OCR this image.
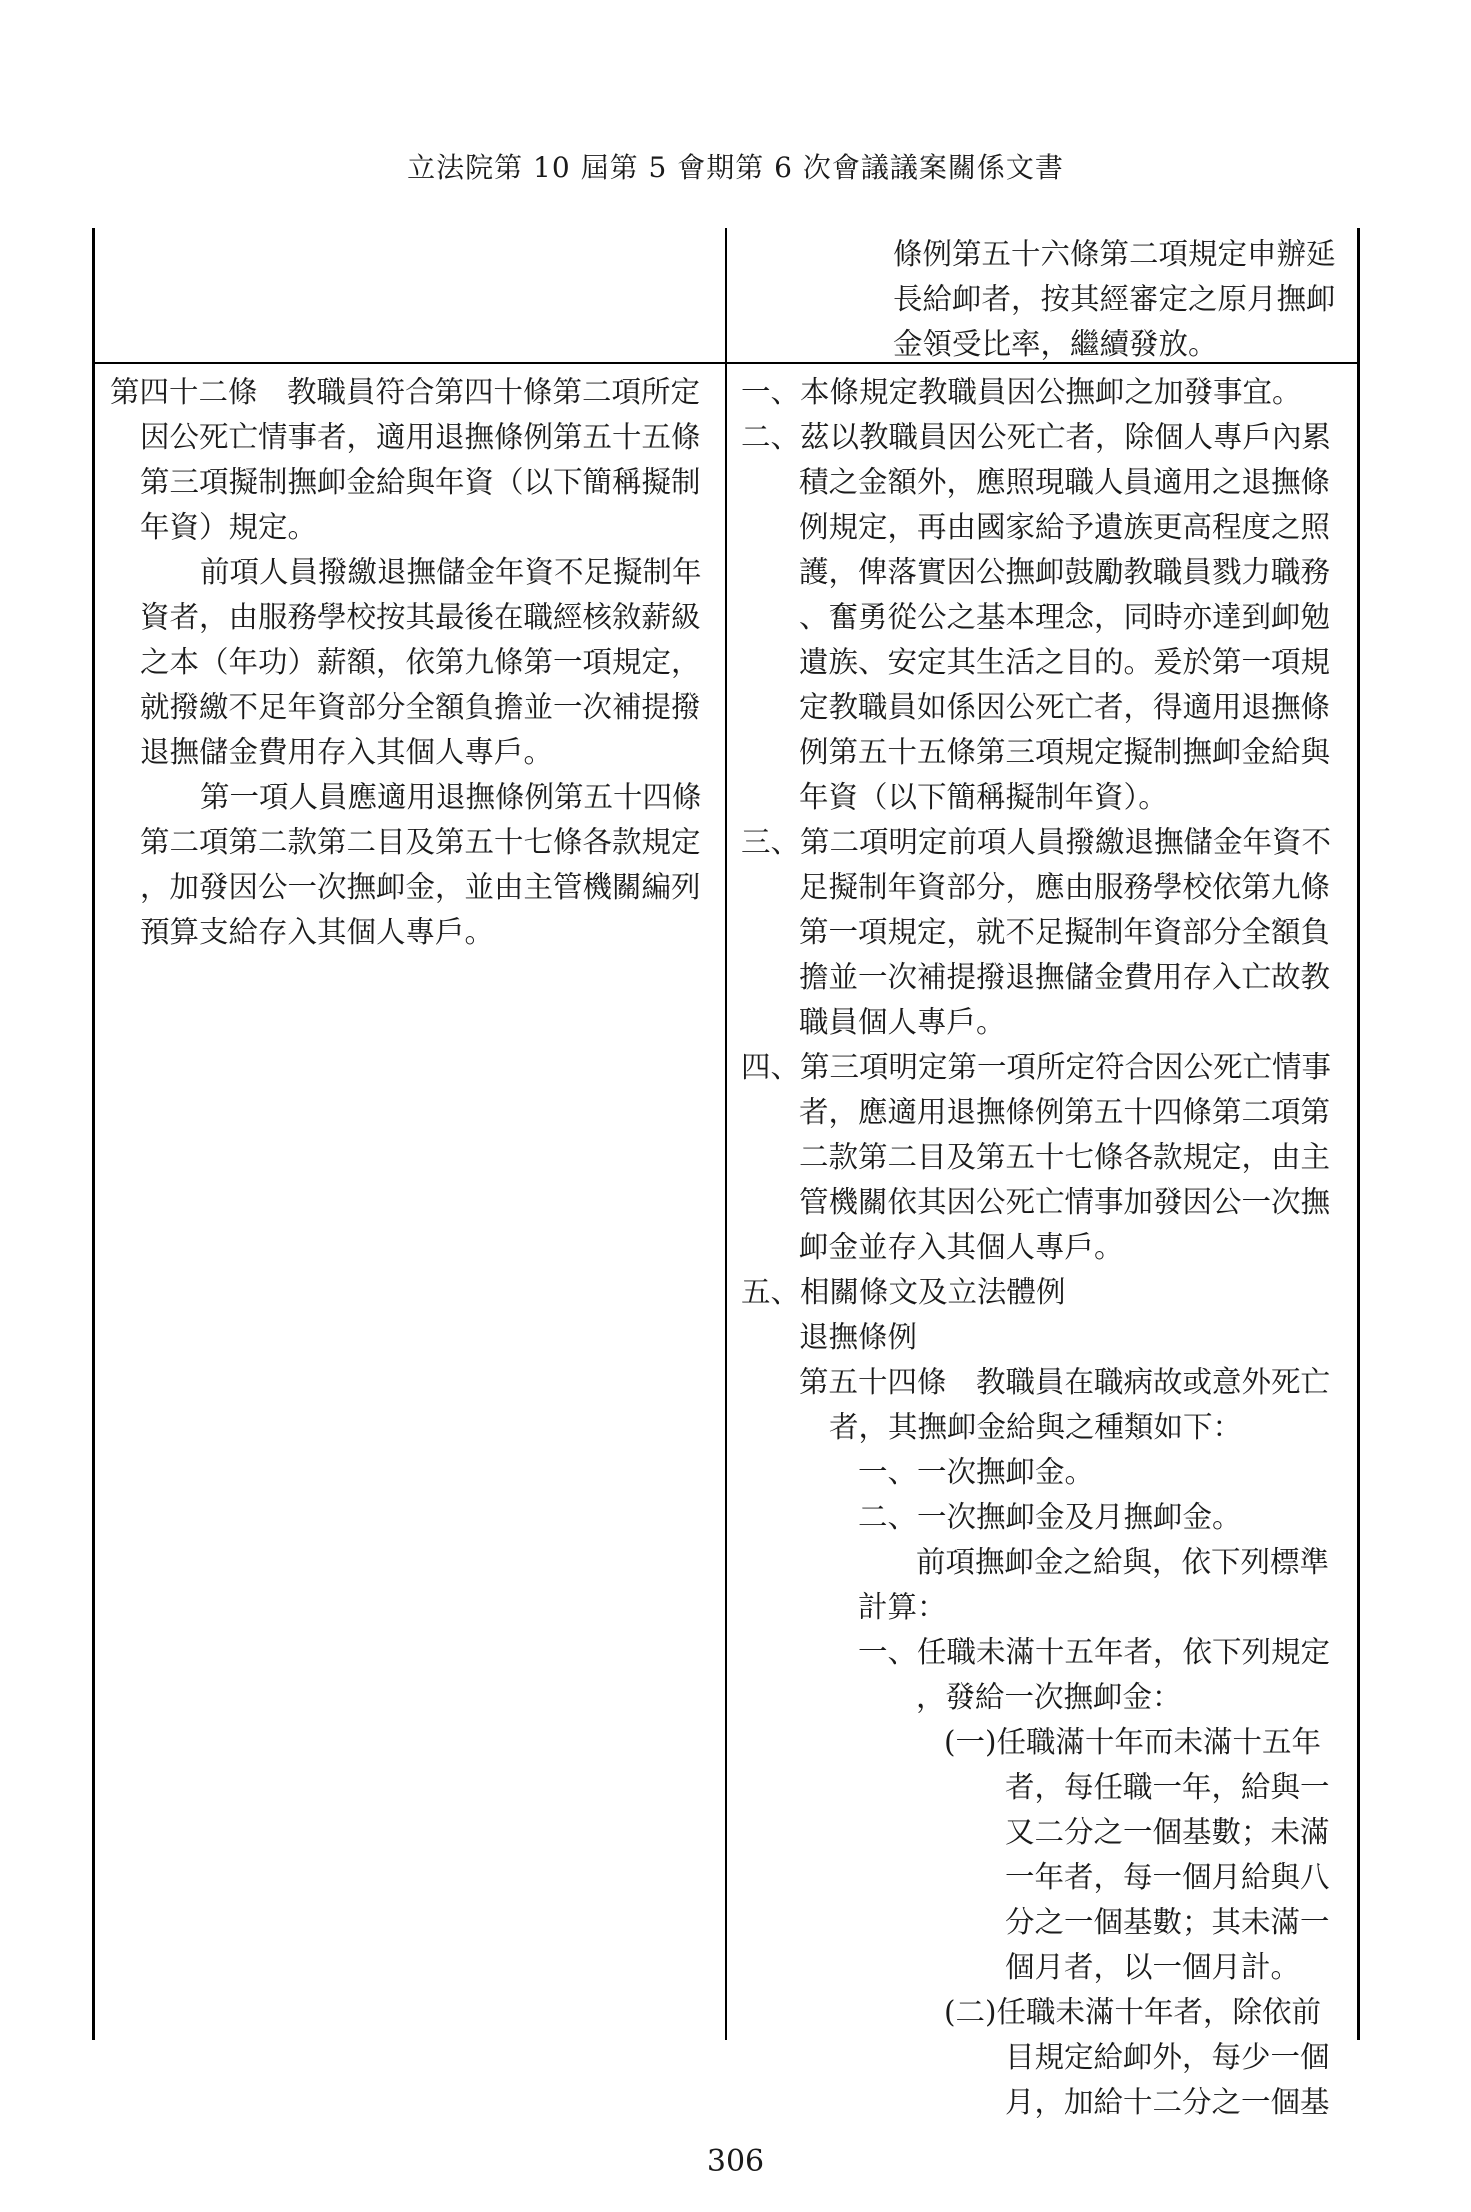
立法院第 10 屆第 5 會期第 6 次會議議案關係文書
條例第五十六條第二項規定申辦延
長給卹者，按其經審定之原月撫卹
金領受比率，繼續發放。
第四十二條　教職員符合第四十條第二項所定
因公死亡情事者，適用退撫條例第五十五條
第三項擬制撫卹金給與年資（以下簡稱擬制
年資）規定。
前項人員撥繳退撫儲金年資不足擬制年
資者，由服務學校按其最後在職經核敘薪級
之本（年功）薪額，依第九條第一項規定，
就撥繳不足年資部分全額負擔並一次補提撥
退撫儲金費用存入其個人專戶。
第一項人員應適用退撫條例第五十四條
第二項第二款第二目及第五十七條各款規定
，加發因公一次撫卹金，並由主管機關編列
預算支給存入其個人專戶。
一、本條規定教職員因公撫卹之加發事宜。
二、茲以教職員因公死亡者，除個人專戶內累
積之金額外，應照現職人員適用之退撫條
例規定，再由國家給予遺族更高程度之照
護，俾落實因公撫卹鼓勵教職員戮力職務
、奮勇從公之基本理念，同時亦達到卹勉
遺族、安定其生活之目的。爰於第一項規
定教職員如係因公死亡者，得適用退撫條
例第五十五條第三項規定擬制撫卹金給與
年資（以下簡稱擬制年資）。
三、第二項明定前項人員撥繳退撫儲金年資不
足擬制年資部分，應由服務學校依第九條
第一項規定，就不足擬制年資部分全額負
擔並一次補提撥退撫儲金費用存入亡故教
職員個人專戶。
四、第三項明定第一項所定符合因公死亡情事
者，應適用退撫條例第五十四條第二項第
二款第二目及第五十七條各款規定，由主
管機關依其因公死亡情事加發因公一次撫
卹金並存入其個人專戶。
五、相關條文及立法體例
退撫條例
第五十四條　教職員在職病故或意外死亡
者，其撫卹金給與之種類如下：
一、一次撫卹金。
二、一次撫卹金及月撫卹金。
前項撫卹金之給與，依下列標準
計算：
一、任職未滿十五年者，依下列規定
，發給一次撫卹金：
(一)任職滿十年而未滿十五年
者，每任職一年，給與一
又二分之一個基數；未滿
一年者，每一個月給與八
分之一個基數；其未滿一
個月者，以一個月計。
(二)任職未滿十年者，除依前
目規定給卹外，每少一個
月，加給十二分之一個基
306
